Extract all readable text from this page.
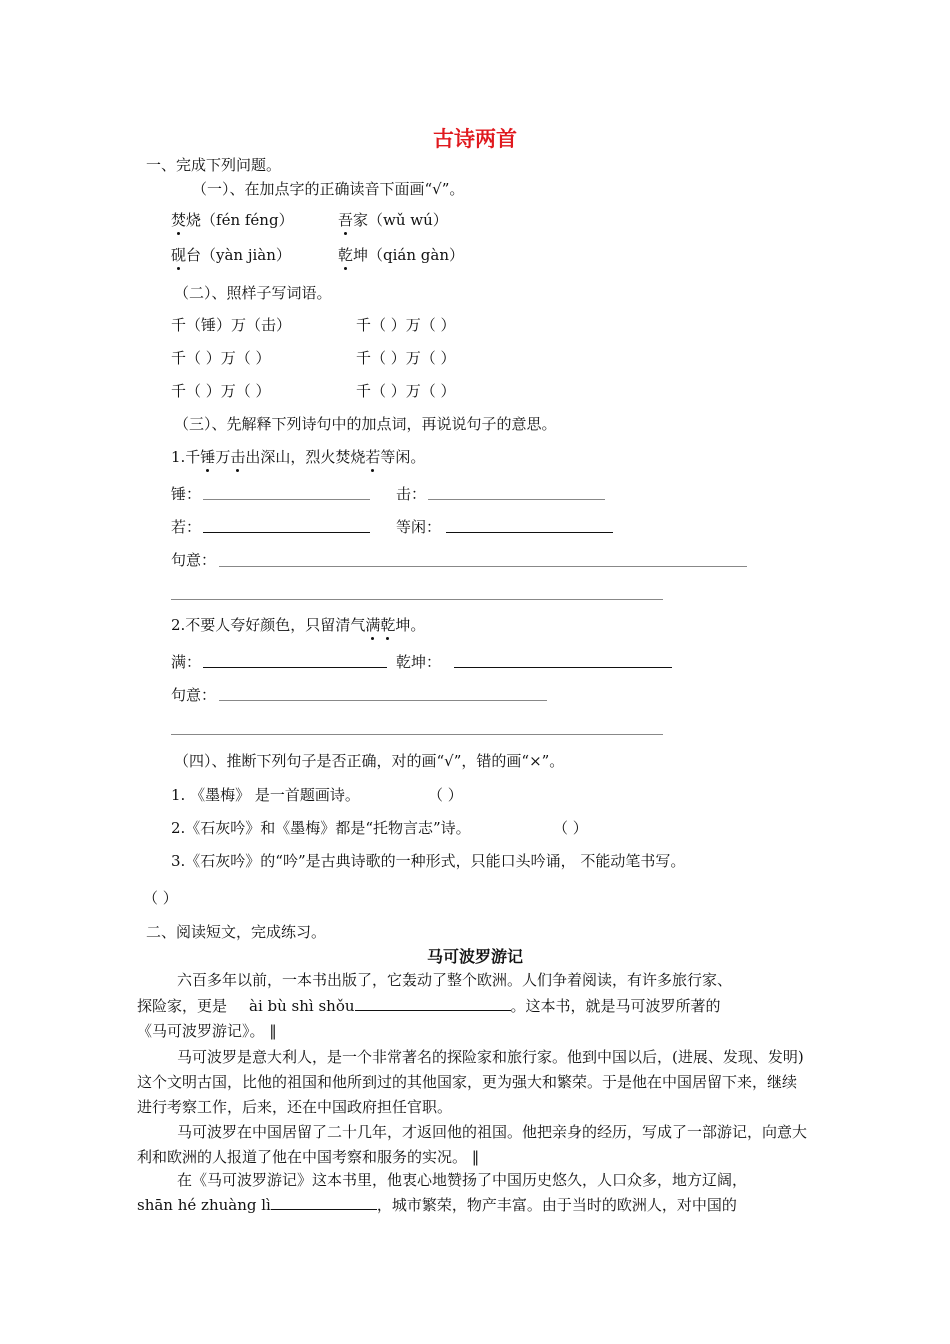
古诗两首
一、完成下列问题。
（一）、在加点字的正确读音下面画“√”。
焚烧（fén féng）	吾家（wǔ wú）
砚台（yàn jiàn）	乾坤（qián gàn）
（二）、照样子写词语。
千（锤）万（击）	千（ ）万（ ）
千（ ）万（ ）	千（ ）万（ ）
千（ ）万（ ）	千（ ）万（ ）
（三）、先解释下列诗句中的加点词，再说说句子的意思。
1.千锤万击出深山，烈火焚烧若等闲。
锤：	击：
若：	等闲：
句意：
2.不要人夸好颜色，只留清气满乾坤。
满：	乾坤：
句意：
（四）、推断下列句子是否正确，对的画“√”，错的画“×”。
1. 《墨梅》 是一首题画诗。	（ ）
2.《石灰吟》和《墨梅》都是“托物言志”诗。	（ ）
3.《石灰吟》的“吟”是古典诗歌的一种形式，只能口头吟诵， 不能动笔书写。
（ ）
二、阅读短文，完成练习。
马可波罗游记
六百多年以前，一本书出版了，它轰动了整个欧洲。人们争着阅读，有许多旅行家、
探险家，更是 ài bù shì shǒu	。这本书，就是马可波罗所著的
《马可波罗游记》。 ‖
马可波罗是意大利人，是一个非常著名的探险家和旅行家。他到中国以后，(进展、发现、发明)这个文明古国，比他的祖国和他所到过的其他国家，更为强大和繁荣。于是他在中国居留下来，继续进行考察工作，后来，还在中国政府担任官职。
马可波罗在中国居留了二十几年，才返回他的祖国。他把亲身的经历，写成了一部游记，向意大利和欧洲的人报道了他在中国考察和服务的实况。 ‖
在《马可波罗游记》这本书里，他衷心地赞扬了中国历史悠久，人口众多，地方辽阔，
shān hé zhuàng lì	，城市繁荣，物产丰富。由于当时的欧洲人，对中国的
